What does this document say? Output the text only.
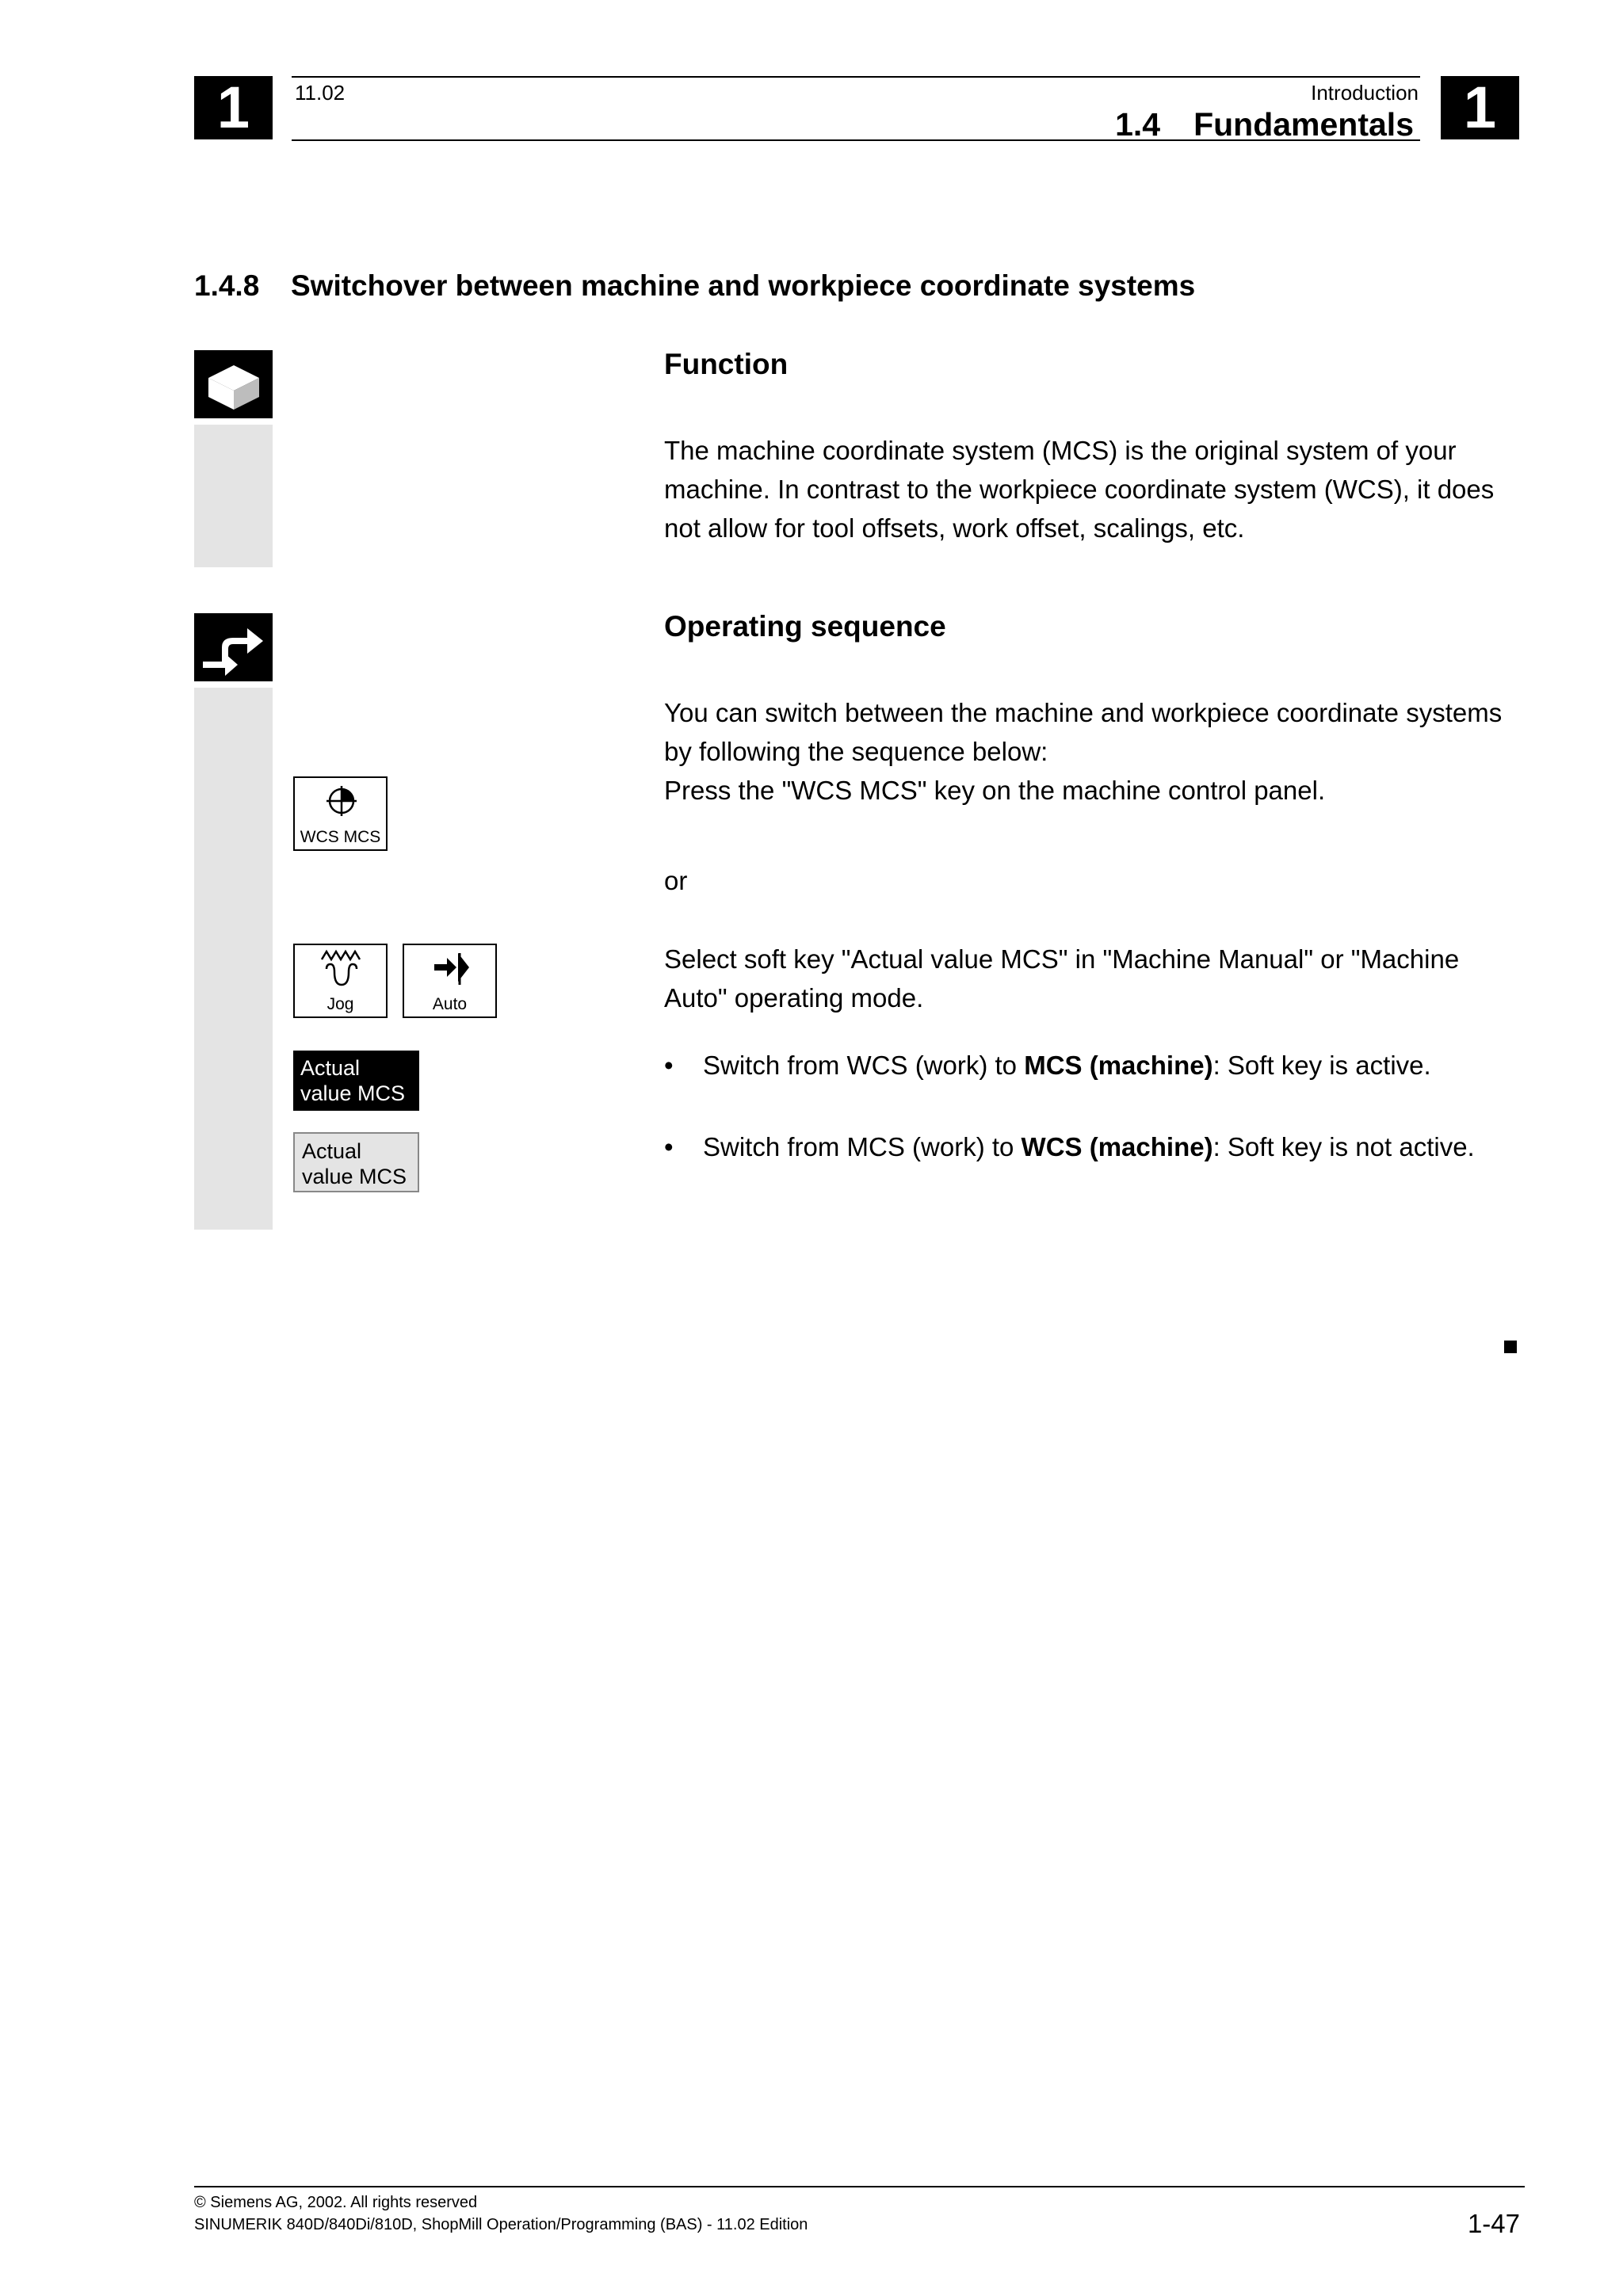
1 11.02	Introduction
1.4 Fundamentals 1
1.4.8 Switchover between machine and workpiece coordinate systems
Function
The machine coordinate system (MCS) is the original system of your machine. In contrast to the workpiece coordinate system (WCS), it does not allow for tool offsets, work offset, scalings, etc.
Operating sequence
You can switch between the machine and workpiece coordinate systems by following the sequence below:
Press the "WCS MCS" key on the machine control panel.
or
Select soft key "Actual value MCS" in "Machine Manual" or "Machine Auto" operating mode.
WCS MCS
Jog	Auto
Actual
value MCS
Actual
value MCS
•	Switch from WCS (work) to MCS (machine): Soft key is active.
•	Switch from MCS (work) to WCS (machine): Soft key is not active.
© Siemens AG, 2002. All rights reserved
SINUMERIK 840D/840Di/810D, ShopMill Operation/Programming (BAS) - 11.02 Edition	1-47
